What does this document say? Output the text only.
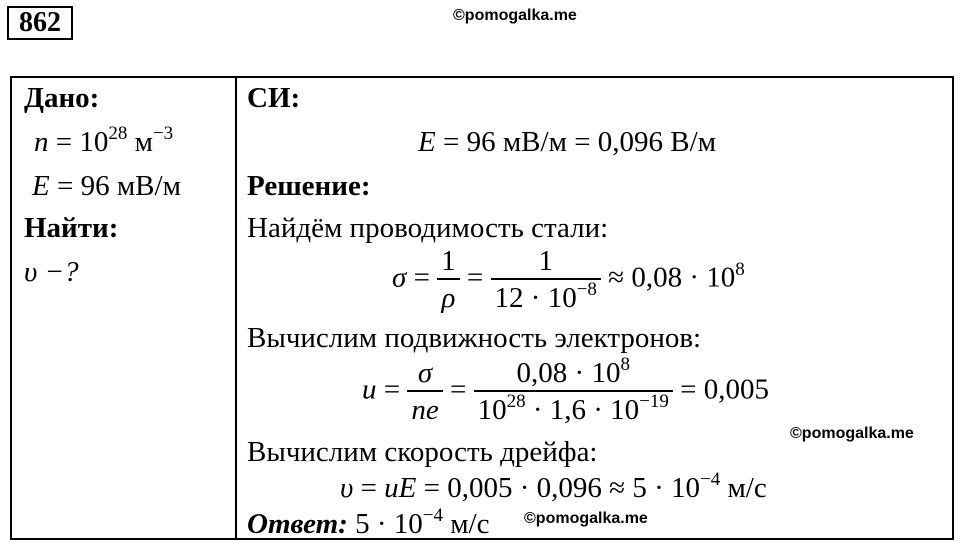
862	©pomogalka.me
Дано:
$n = 10^{28}$ $м^{-3}$
E = 96 мВ/м
Найти:
υ −?
СИ:
E = 96 мВ/м = 0,096 В/м
Решение:
Найдём проводимость стали:
$\sigma = \frac{1}{\rho} = \frac{1}{12 \cdot 10^{-8}} \approx 0,08 \cdot 10^8$
Вычислим подвижность электронов:
$u = \frac{\sigma}{ne} = \frac{0,08 \cdot 10^8}{10^{28} \cdot 1,6 \cdot 10^{-19}} = 0,005$
©pomogalka.me
Вычислим скорость дрейфа:
υ = uE = $0,005 \cdot 0,096 \approx 5 \cdot 10^{-4}$ м/с
Ответ: $5 \cdot 10^{-4}$ м/с ©pomogalka.me
